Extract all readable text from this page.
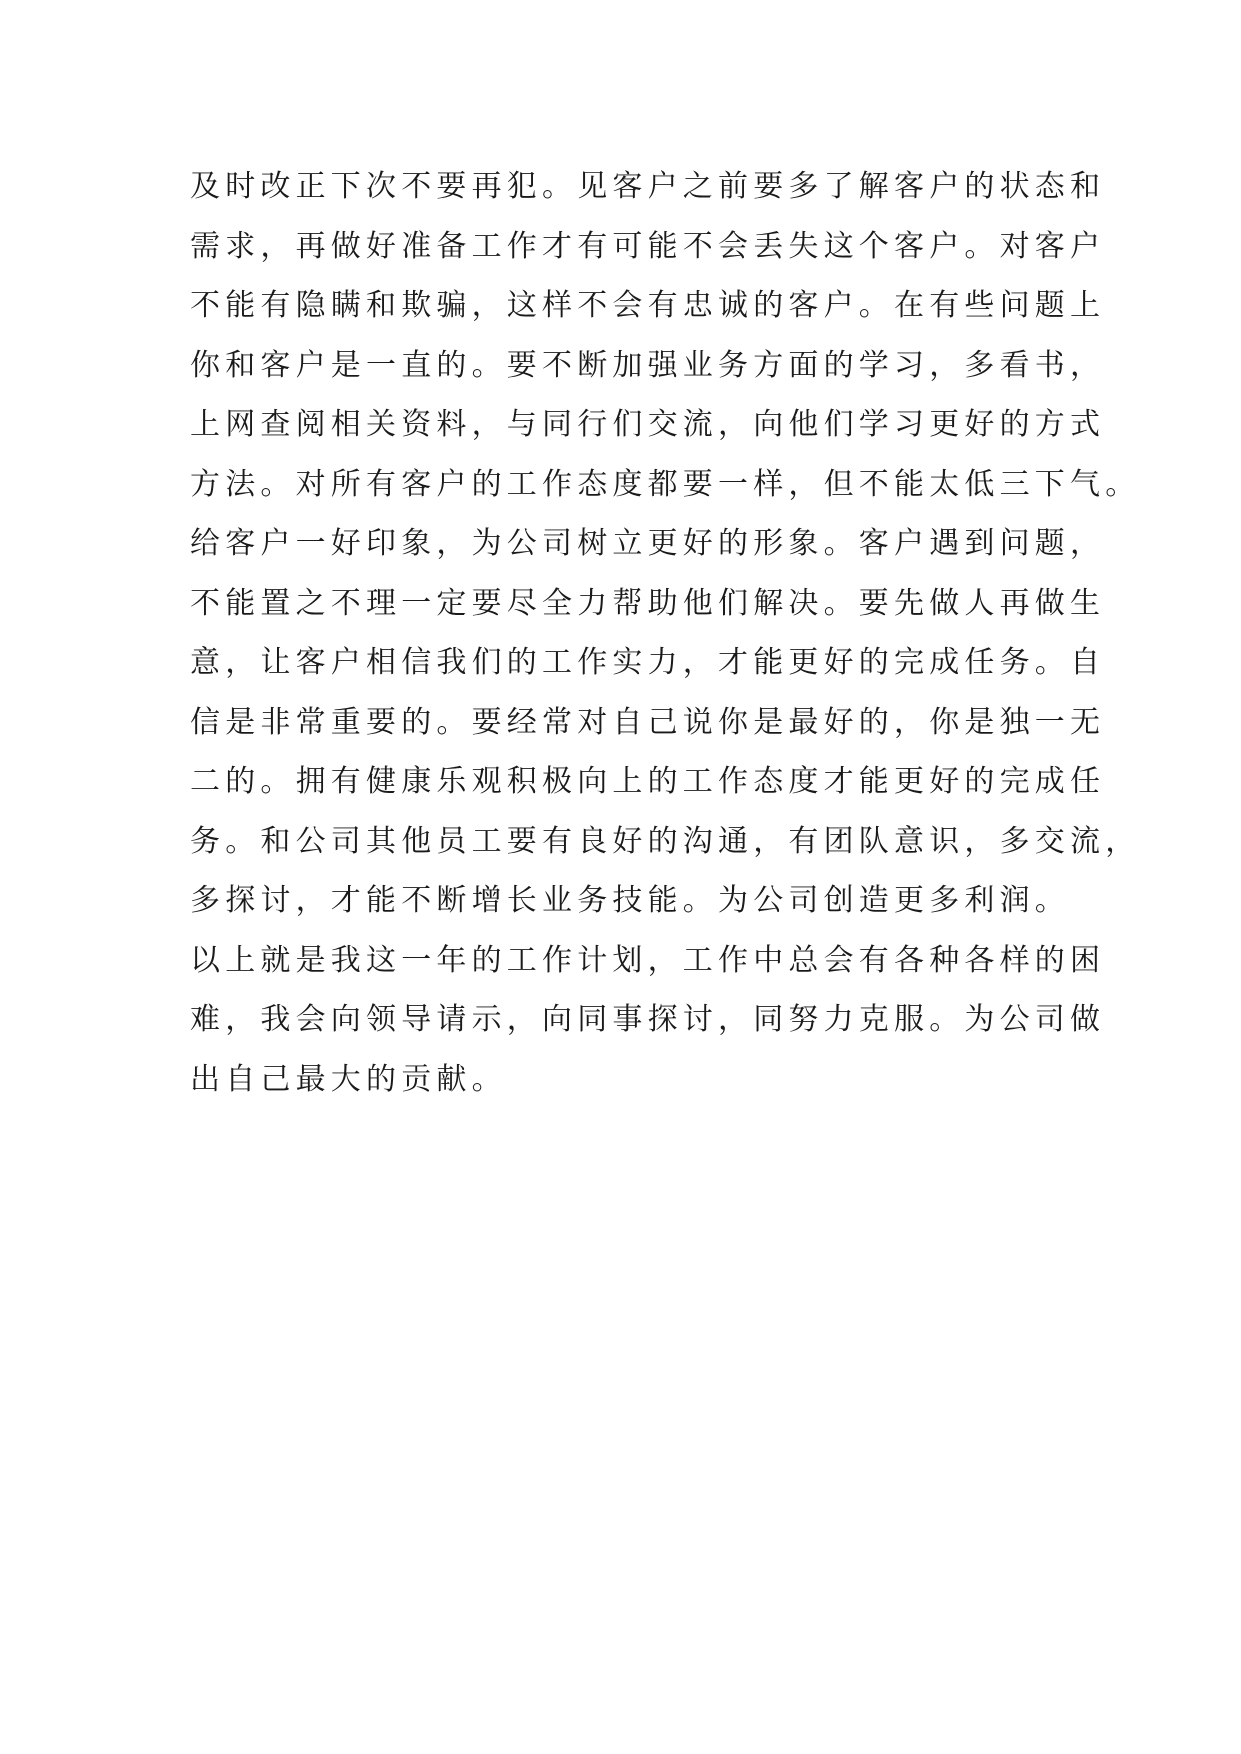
及时改正下次不要再犯。见客户之前要多了解客户的状态和
需求，再做好准备工作才有可能不会丢失这个客户。对客户
不能有隐瞒和欺骗，这样不会有忠诚的客户。在有些问题上
你和客户是一直的。要不断加强业务方面的学习，多看书，
上网查阅相关资料，与同行们交流，向他们学习更好的方式
方法。对所有客户的工作态度都要一样，但不能太低三下气。
给客户一好印象，为公司树立更好的形象。客户遇到问题，
不能置之不理一定要尽全力帮助他们解决。要先做人再做生
意，让客户相信我们的工作实力，才能更好的完成任务。自
信是非常重要的。要经常对自己说你是最好的，你是独一无
二的。拥有健康乐观积极向上的工作态度才能更好的完成任
务。和公司其他员工要有良好的沟通，有团队意识，多交流，
多探讨，才能不断增长业务技能。为公司创造更多利润。
以上就是我这一年的工作计划，工作中总会有各种各样的困
难，我会向领导请示，向同事探讨，同努力克服。为公司做
出自己最大的贡献。
